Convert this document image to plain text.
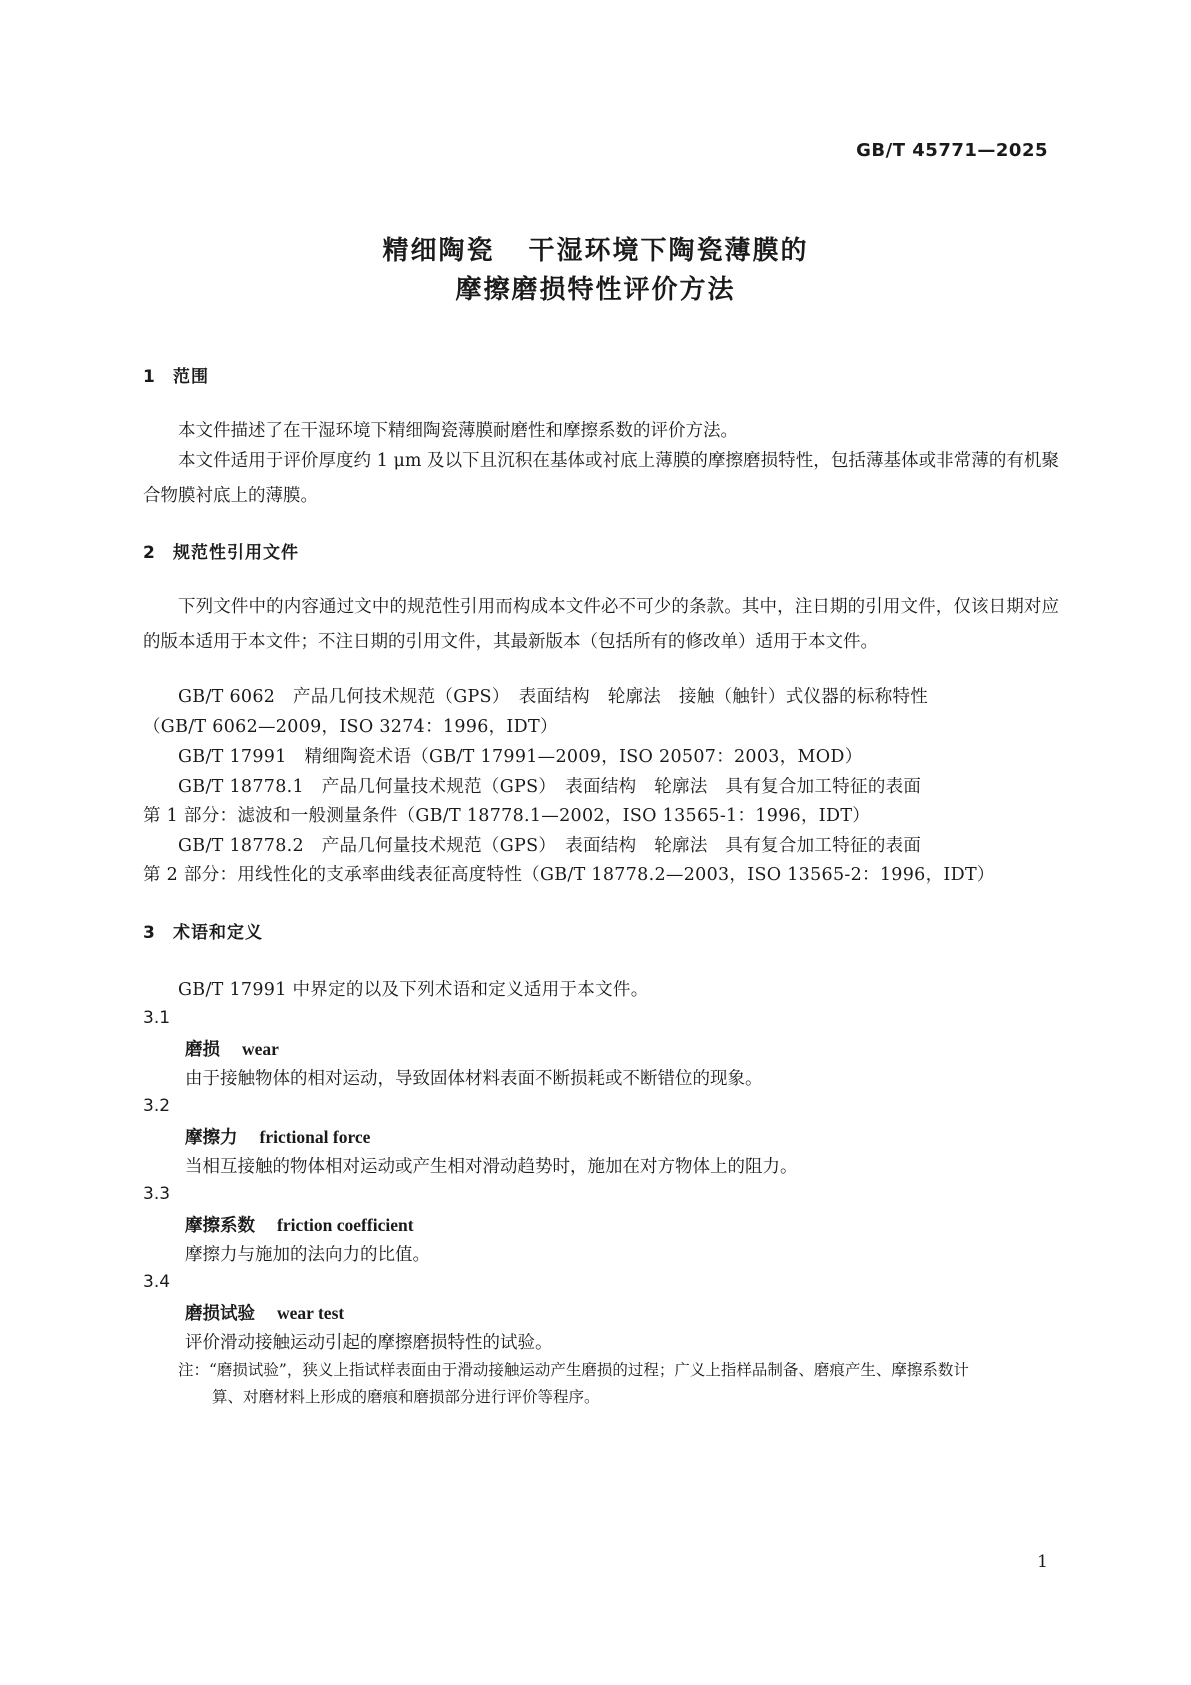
GB/T 45771—2025
精细陶瓷 干湿环境下陶瓷薄膜的
摩擦磨损特性评价方法
1 范围
本文件描述了在干湿环境下精细陶瓷薄膜耐磨性和摩擦系数的评价方法。
本文件适用于评价厚度约 1 μm 及以下且沉积在基体或衬底上薄膜的摩擦磨损特性，包括薄基体或非常薄的有机聚合物膜衬底上的薄膜。
2 规范性引用文件
下列文件中的内容通过文中的规范性引用而构成本文件必不可少的条款。其中，注日期的引用文件，仅该日期对应的版本适用于本文件；不注日期的引用文件，其最新版本（包括所有的修改单）适用于本文件。
GB/T 6062　产品几何技术规范（GPS）　表面结构　轮廓法　接触（触针）式仪器的标称特性
（GB/T 6062—2009，ISO 3274：1996，IDT）
GB/T 17991　精细陶瓷术语（GB/T 17991—2009，ISO 20507：2003，MOD）
GB/T 18778.1　产品几何量技术规范（GPS）　表面结构　轮廓法　具有复合加工特征的表面
第 1 部分：滤波和一般测量条件（GB/T 18778.1—2002，ISO 13565-1：1996，IDT）
GB/T 18778.2　产品几何量技术规范（GPS）　表面结构　轮廓法　具有复合加工特征的表面
第 2 部分：用线性化的支承率曲线表征高度特性（GB/T 18778.2—2003，ISO 13565-2：1996，IDT）
3 术语和定义
GB/T 17991 中界定的以及下列术语和定义适用于本文件。
3.1
磨损 wear
由于接触物体的相对运动，导致固体材料表面不断损耗或不断错位的现象。
3.2
摩擦力 frictional force
当相互接触的物体相对运动或产生相对滑动趋势时，施加在对方物体上的阻力。
3.3
摩擦系数 friction coefficient
摩擦力与施加的法向力的比值。
3.4
磨损试验 wear test
评价滑动接触运动引起的摩擦磨损特性的试验。
注：“磨损试验”，狭义上指试样表面由于滑动接触运动产生磨损的过程；广义上指样品制备、磨痕产生、摩擦系数计
算、对磨材料上形成的磨痕和磨损部分进行评价等程序。
1
